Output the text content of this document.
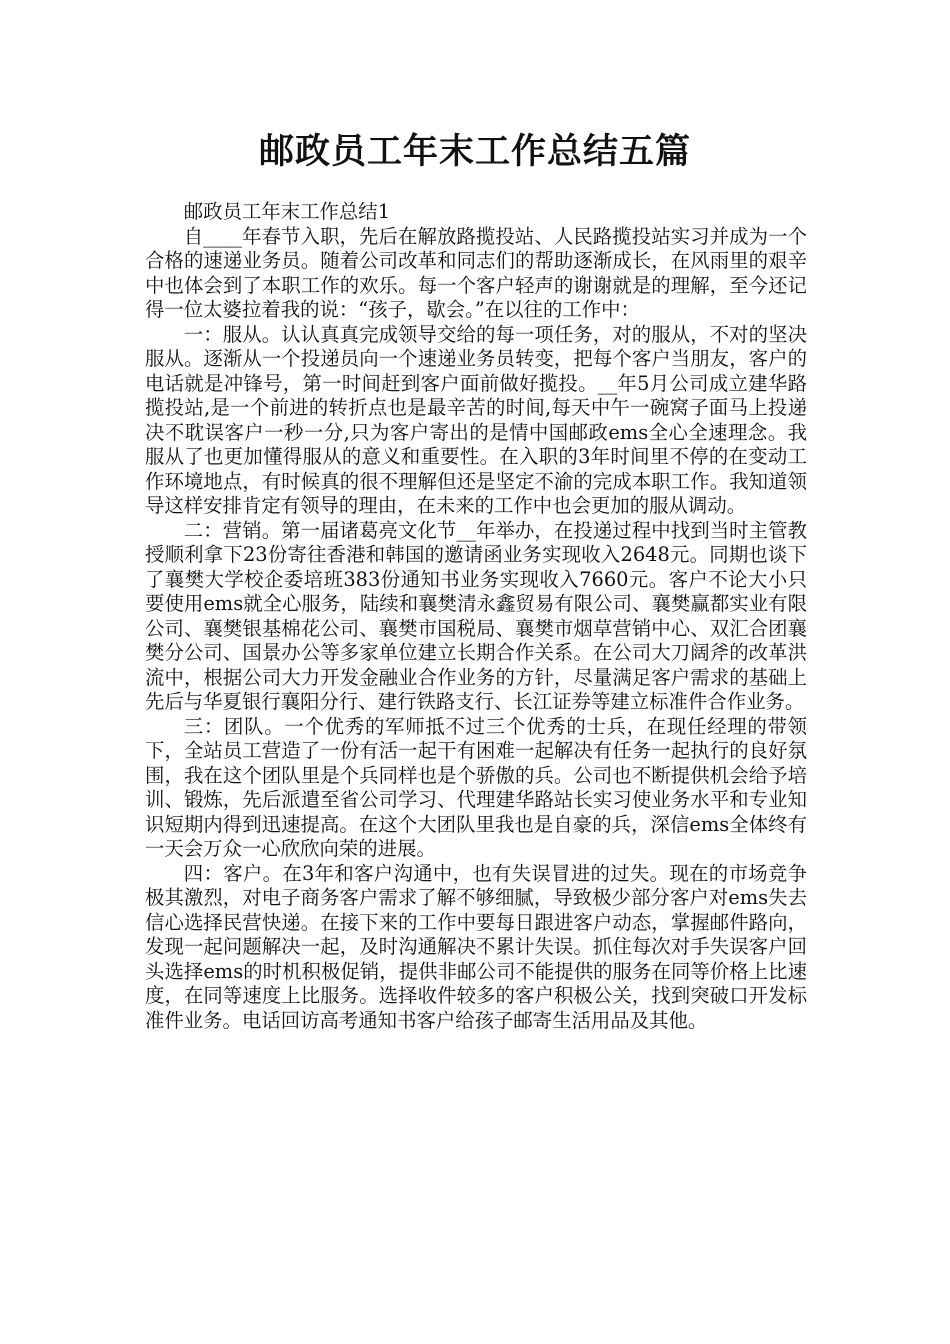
邮政员工年末工作总结五篇

邮政员工年末工作总结1

自____年春节入职，先后在解放路揽投站、人民路揽投站实习并成为一个合格的速递业务员。随着公司改革和同志们的帮助逐渐成长，在风雨里的艰辛中也体会到了本职工作的欢乐。每一个客户轻声的谢谢就是的理解，至今还记得一位太婆拉着我的说：“孩子，歇会。”在以往的工作中：

一：服从。认认真真完成领导交给的每一项任务，对的服从，不对的坚决服从。逐渐从一个投递员向一个速递业务员转变，把每个客户当朋友，客户的电话就是冲锋号，第一时间赶到客户面前做好揽投。__年5月公司成立建华路揽投站,是一个前进的转折点也是最辛苦的时间,每天中午一碗窝子面马上投递决不耽误客户一秒一分,只为客户寄出的是情中国邮政ems全心全速理念。我服从了也更加懂得服从的意义和重要性。在入职的3年时间里不停的在变动工作环境地点，有时候真的很不理解但还是坚定不渝的完成本职工作。我知道领导这样安排肯定有领导的理由，在未来的工作中也会更加的服从调动。

二：营销。第一届诸葛亮文化节__年举办，在投递过程中找到当时主管教授顺利拿下23份寄往香港和韩国的邀请函业务实现收入2648元。同期也谈下了襄樊大学校企委培班383份通知书业务实现收入7660元。客户不论大小只要使用ems就全心服务，陆续和襄樊清永鑫贸易有限公司、襄樊赢都实业有限公司、襄樊银基棉花公司、襄樊市国税局、襄樊市烟草营销中心、双汇合团襄樊分公司、国景办公等多家单位建立长期合作关系。在公司大刀阔斧的改革洪流中，根据公司大力开发金融业合作业务的方针，尽量满足客户需求的基础上先后与华夏银行襄阳分行、建行铁路支行、长江证券等建立标准件合作业务。

三：团队。一个优秀的军师抵不过三个优秀的士兵，在现任经理的带领下，全站员工营造了一份有活一起干有困难一起解决有任务一起执行的良好氛围，我在这个团队里是个兵同样也是个骄傲的兵。公司也不断提供机会给予培训、锻炼，先后派遣至省公司学习、代理建华路站长实习使业务水平和专业知识短期内得到迅速提高。在这个大团队里我也是自豪的兵，深信ems全体终有一天会万众一心欣欣向荣的进展。

四：客户。在3年和客户沟通中，也有失误冒进的过失。现在的市场竞争极其激烈，对电子商务客户需求了解不够细腻，导致极少部分客户对ems失去信心选择民营快递。在接下来的工作中要每日跟进客户动态，掌握邮件路向，发现一起问题解决一起，及时沟通解决不累计失误。抓住每次对手失误客户回头选择ems的时机积极促销，提供非邮公司不能提供的服务在同等价格上比速度，在同等速度上比服务。选择收件较多的客户积极公关，找到突破口开发标准件业务。电话回访高考通知书客户给孩子邮寄生活用品及其他。
